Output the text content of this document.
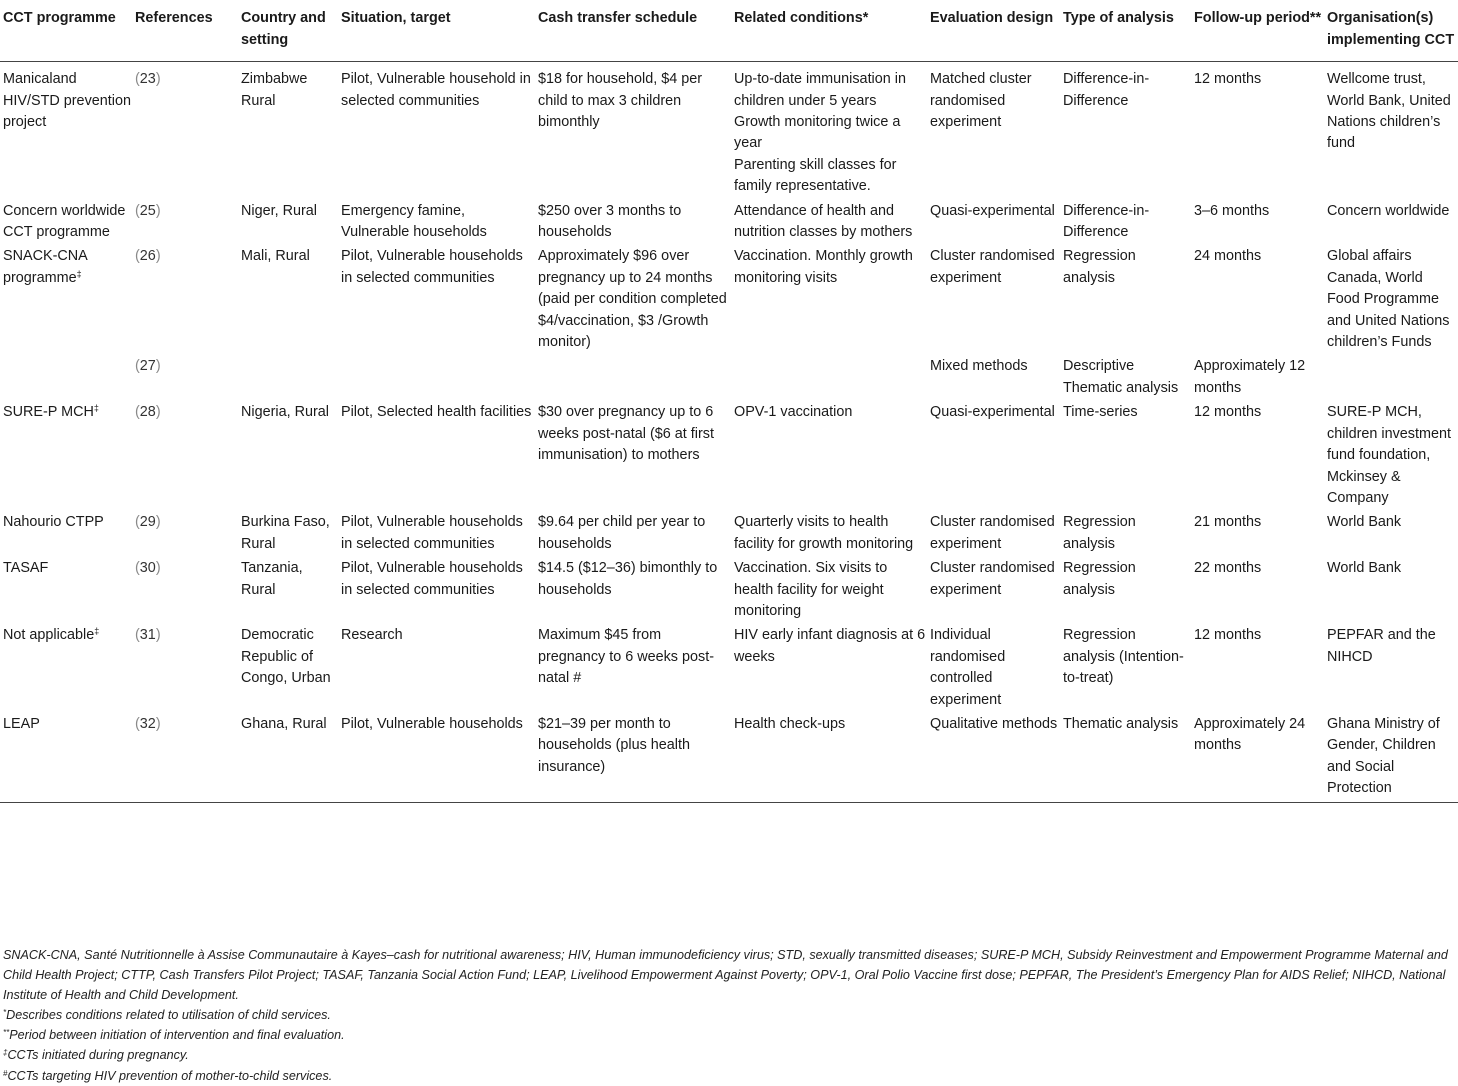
CCT programme	References	Country and setting	Situation, target	Cash transfer schedule	Related conditions*	Evaluation design	Type of analysis	Follow-up period**	Organisation(s) implementing CCT
Manicaland HIV/STD prevention project	(23)	Zimbabwe Rural	Pilot, Vulnerable household in selected communities	$18 for household, $4 per child to max 3 children bimonthly	Up-to-date immunisation in children under 5 years
Growth monitoring twice a year
Parenting skill classes for family representative.	Matched cluster randomised experiment	Difference-in-Difference	12 months	Wellcome trust, World Bank, United Nations children’s fund
Concern worldwide CCT programme	(25)	Niger, Rural	Emergency famine, Vulnerable households	$250 over 3 months to households	Attendance of health and nutrition classes by mothers	Quasi-experimental	Difference-in-Difference	3–6 months	Concern worldwide
SNACK-CNA programme‡	(26)	Mali, Rural	Pilot, Vulnerable households in selected communities	Approximately $96 over pregnancy up to 24 months (paid per condition completed $4/vaccination, $3 /Growth monitor)	Vaccination. Monthly growth monitoring visits	Cluster randomised experiment	Regression analysis	24 months	Global affairs Canada, World Food Programme and United Nations children’s Funds
	(27)					Mixed methods	Descriptive Thematic analysis	Approximately 12 months	
SURE-P MCH‡	(28)	Nigeria, Rural	Pilot, Selected health facilities	$30 over pregnancy up to 6 weeks post-natal ($6 at first immunisation) to mothers	OPV-1 vaccination	Quasi-experimental	Time-series	12 months	SURE-P MCH, children investment fund foundation, Mckinsey & Company
Nahourio CTPP	(29)	Burkina Faso, Rural	Pilot, Vulnerable households in selected communities	$9.64 per child per year to households	Quarterly visits to health facility for growth monitoring	Cluster randomised experiment	Regression analysis	21 months	World Bank
TASAF	(30)	Tanzania, Rural	Pilot, Vulnerable households in selected communities	$14.5 ($12–36) bimonthly to households	Vaccination. Six visits to health facility for weight monitoring	Cluster randomised experiment	Regression analysis	22 months	World Bank
Not applicable‡	(31)	Democratic Republic of Congo, Urban	Research	Maximum $45 from pregnancy to 6 weeks post-natal #	HIV early infant diagnosis at 6 weeks	Individual randomised controlled experiment	Regression analysis (Intention-to-treat)	12 months	PEPFAR and the NIHCD
LEAP	(32)	Ghana, Rural	Pilot, Vulnerable households	$21–39 per month to households (plus health insurance)	Health check-ups	Qualitative methods	Thematic analysis	Approximately 24 months	Ghana Ministry of Gender, Children and Social Protection

SNACK-CNA, Santé Nutritionnelle à Assise Communautaire à Kayes–cash for nutritional awareness; HIV, Human immunodeficiency virus; STD, sexually transmitted diseases; SURE-P MCH, Subsidy Reinvestment and Empowerment Programme Maternal and Child Health Project; CTTP, Cash Transfers Pilot Project; TASAF, Tanzania Social Action Fund; LEAP, Livelihood Empowerment Against Poverty; OPV-1, Oral Polio Vaccine first dose; PEPFAR, The President’s Emergency Plan for AIDS Relief; NIHCD, National Institute of Health and Child Development.

*Describes conditions related to utilisation of child services.

**Period between initiation of intervention and final evaluation.

‡CCTs initiated during pregnancy.

#CCTs targeting HIV prevention of mother-to-child services.
